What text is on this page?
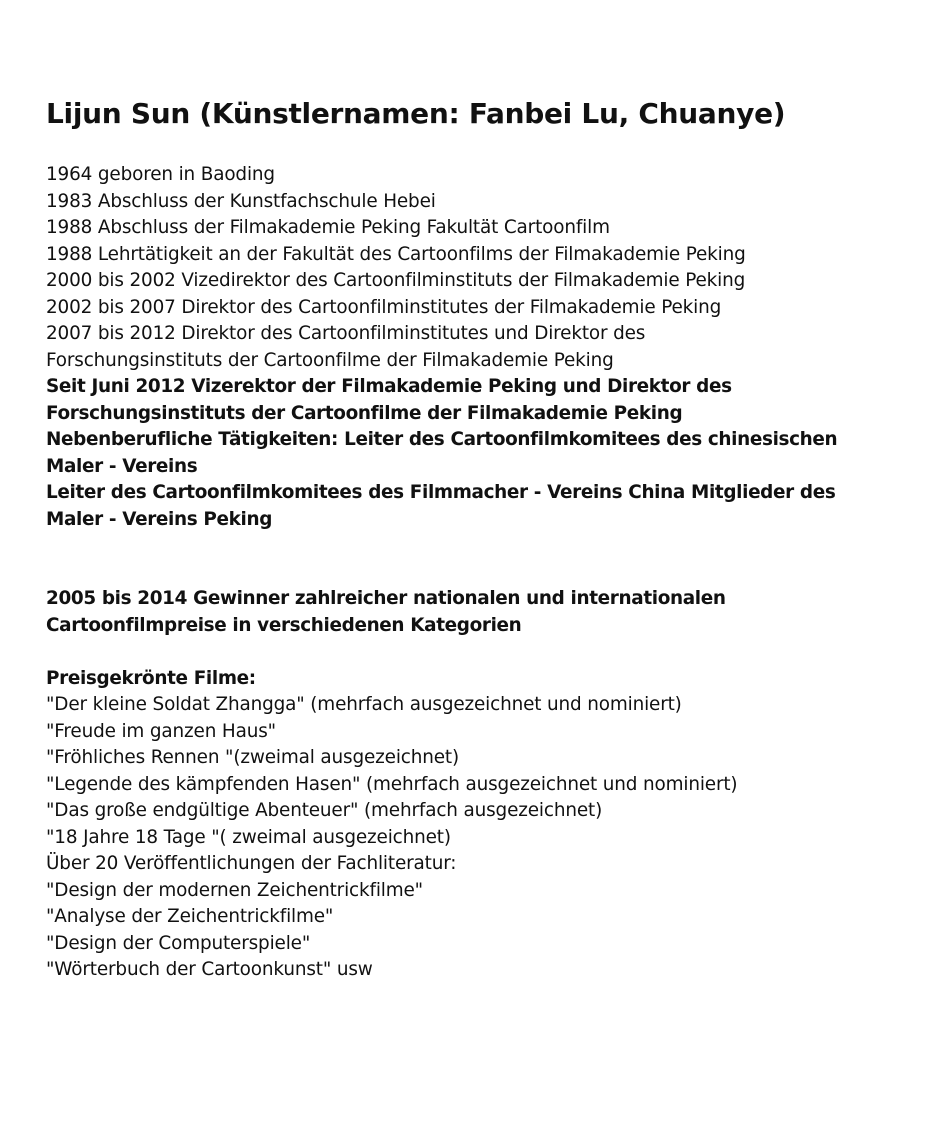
Lijun Sun (Künstlernamen: Fanbei Lu, Chuanye)
1964 geboren in Baoding
1983 Abschluss der Kunstfachschule Hebei
1988 Abschluss der Filmakademie Peking Fakultät Cartoonfilm
1988 Lehrtätigkeit an der Fakultät des Cartoonfilms der Filmakademie Peking
2000 bis 2002 Vizedirektor des Cartoonfilminstituts der Filmakademie Peking
2002 bis 2007 Direktor des Cartoonfilminstitutes der Filmakademie Peking
2007 bis 2012 Direktor des Cartoonfilminstitutes und Direktor des
Forschungsinstituts der Cartoonfilme der Filmakademie Peking
Seit Juni 2012 Vizerektor der Filmakademie Peking und Direktor des
Forschungsinstituts der Cartoonfilme der Filmakademie Peking
Nebenberufliche Tätigkeiten: Leiter des Cartoonfilmkomitees des chinesischen
Maler - Vereins
Leiter des Cartoonfilmkomitees des Filmmacher - Vereins China Mitglieder des
Maler - Vereins Peking
2005 bis 2014 Gewinner zahlreicher nationalen und internationalen
Cartoonfilmpreise in verschiedenen Kategorien
Preisgekrönte Filme:
"Der kleine Soldat Zhangga" (mehrfach ausgezeichnet und nominiert)
"Freude im ganzen Haus"
"Fröhliches Rennen "(zweimal ausgezeichnet)
"Legende des kämpfenden Hasen" (mehrfach ausgezeichnet und nominiert)
"Das große endgültige Abenteuer" (mehrfach ausgezeichnet)
"18 Jahre 18 Tage "( zweimal ausgezeichnet)
Über 20 Veröffentlichungen der Fachliteratur:
"Design der modernen Zeichentrickfilme"
"Analyse der Zeichentrickfilme"
"Design der Computerspiele"
"Wörterbuch der Cartoonkunst" usw
